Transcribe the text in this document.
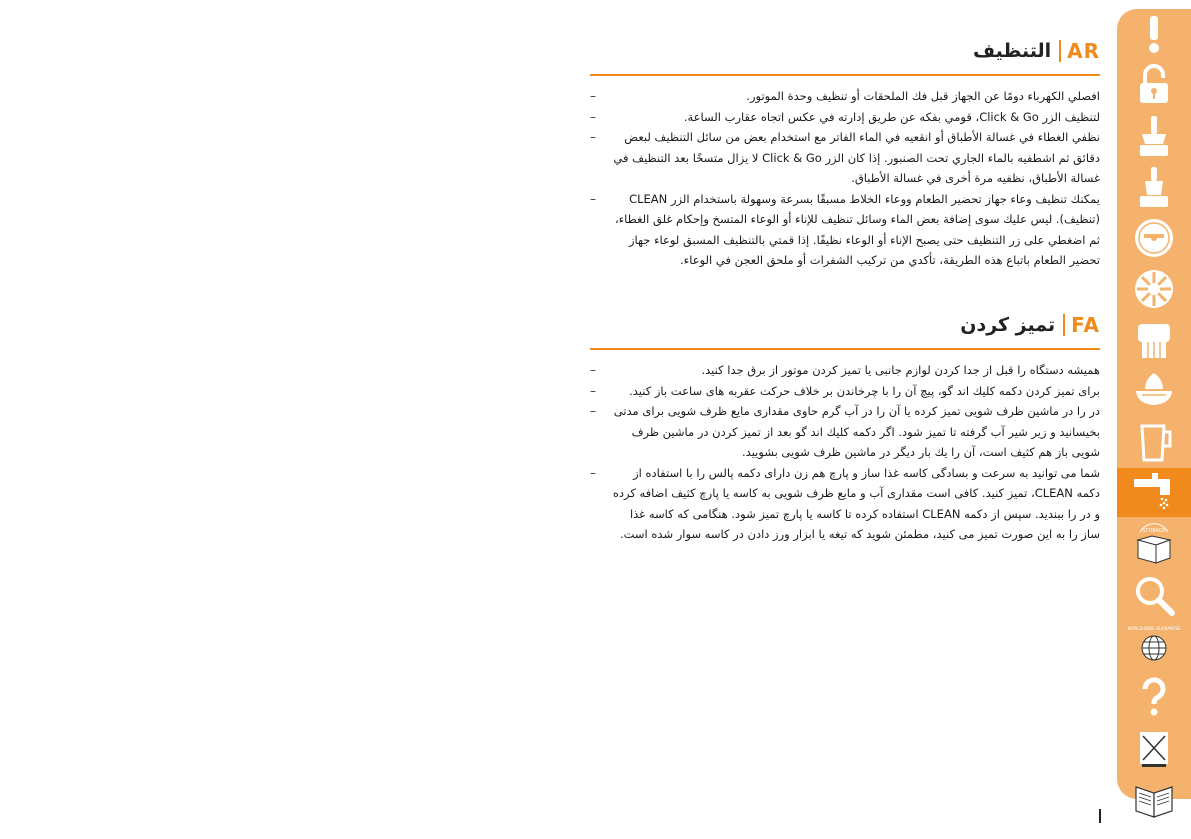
التنظيف AR
– افصلي الكهرباء دومًا عن الجهاز قبل فك الملحقات أو تنظيف وحدة الموتور.
– لتنظيف الزر Click & Go، قومي بفكه عن طريق إدارته في عكس اتجاه عقارب الساعة.
– نظفي الغطاء في غسالة الأطباق أو انقعيه في الماء الفاتر مع استخدام بعض من سائل التنظيف لبعض دقائق ثم اشطفيه بالماء الجاري تحت الصنبور. إذا كان الزر Click & Go لا يزال متسخًا بعد التنظيف في غسالة الأطباق، نظفيه مرة أخرى في غسالة الأطباق.
– يمكنك تنظيف وعاء جهاز تحضير الطعام ووعاء الخلاط مسبقًا بسرعة وسهولة باستخدام الزر CLEAN (تنظيف). ليس عليك سوى إضافة بعض الماء وسائل تنظيف للإناء أو الوعاء المتسخ وإحكام غلق الغطاء، ثم اضغطي على زر التنظيف حتى يصبح الإناء أو الوعاء نظيفًا. إذا قمتي بالتنظيف المسبق لوعاء جهاز تحضير الطعام باتباع هذه الطريقة، تأكدي من تركيب الشفرات أو ملحق العجن في الوعاء.
تميز كردن FA
– هميشه دستگاه را قبل از جدا كردن لوازم جانبی يا تميز كردن موتور از برق جدا كنيد.
– برای تميز كردن دكمه كليك اند گو، پيچ آن را با چرخاندن بر خلاف حركت عقربه هاى ساعت باز كنيد.
– در را در ماشين ظرف شويی تميز كرده يا آن را در آب گرم حاوی مقداری مايع ظرف شويی برای مدتی بخيسانيد و زير شير آب گرفته تا تميز شود. اگر دكمه كليك اند گو بعد از تميز كردن در ماشين ظرف شويی باز هم كثيف است، آن را يك بار ديگر در ماشين ظرف شويی بشوييد.
– شما می توانيد به سرعت و بسادگی كاسه غذا ساز و پارچ هم زن دارای دكمه پالس را با استفاده از دكمه CLEAN، تميز كنيد. كافی است مقداری آب و مايع ظرف شويی به كاسه يا پارچ كثيف اضافه كرده و در را ببنديد. سپس از دكمه CLEAN استفاده كرده تا كاسه يا پارچ تميز شود. هنگامی كه كاسه غذا ساز را به اين صورت تميز می كنيد، مطمئن شويد كه تيغه يا ابزار ورز دادن در كاسه سوار شده است.	STORAGE
WORLD-WIDE GUARANTEE
